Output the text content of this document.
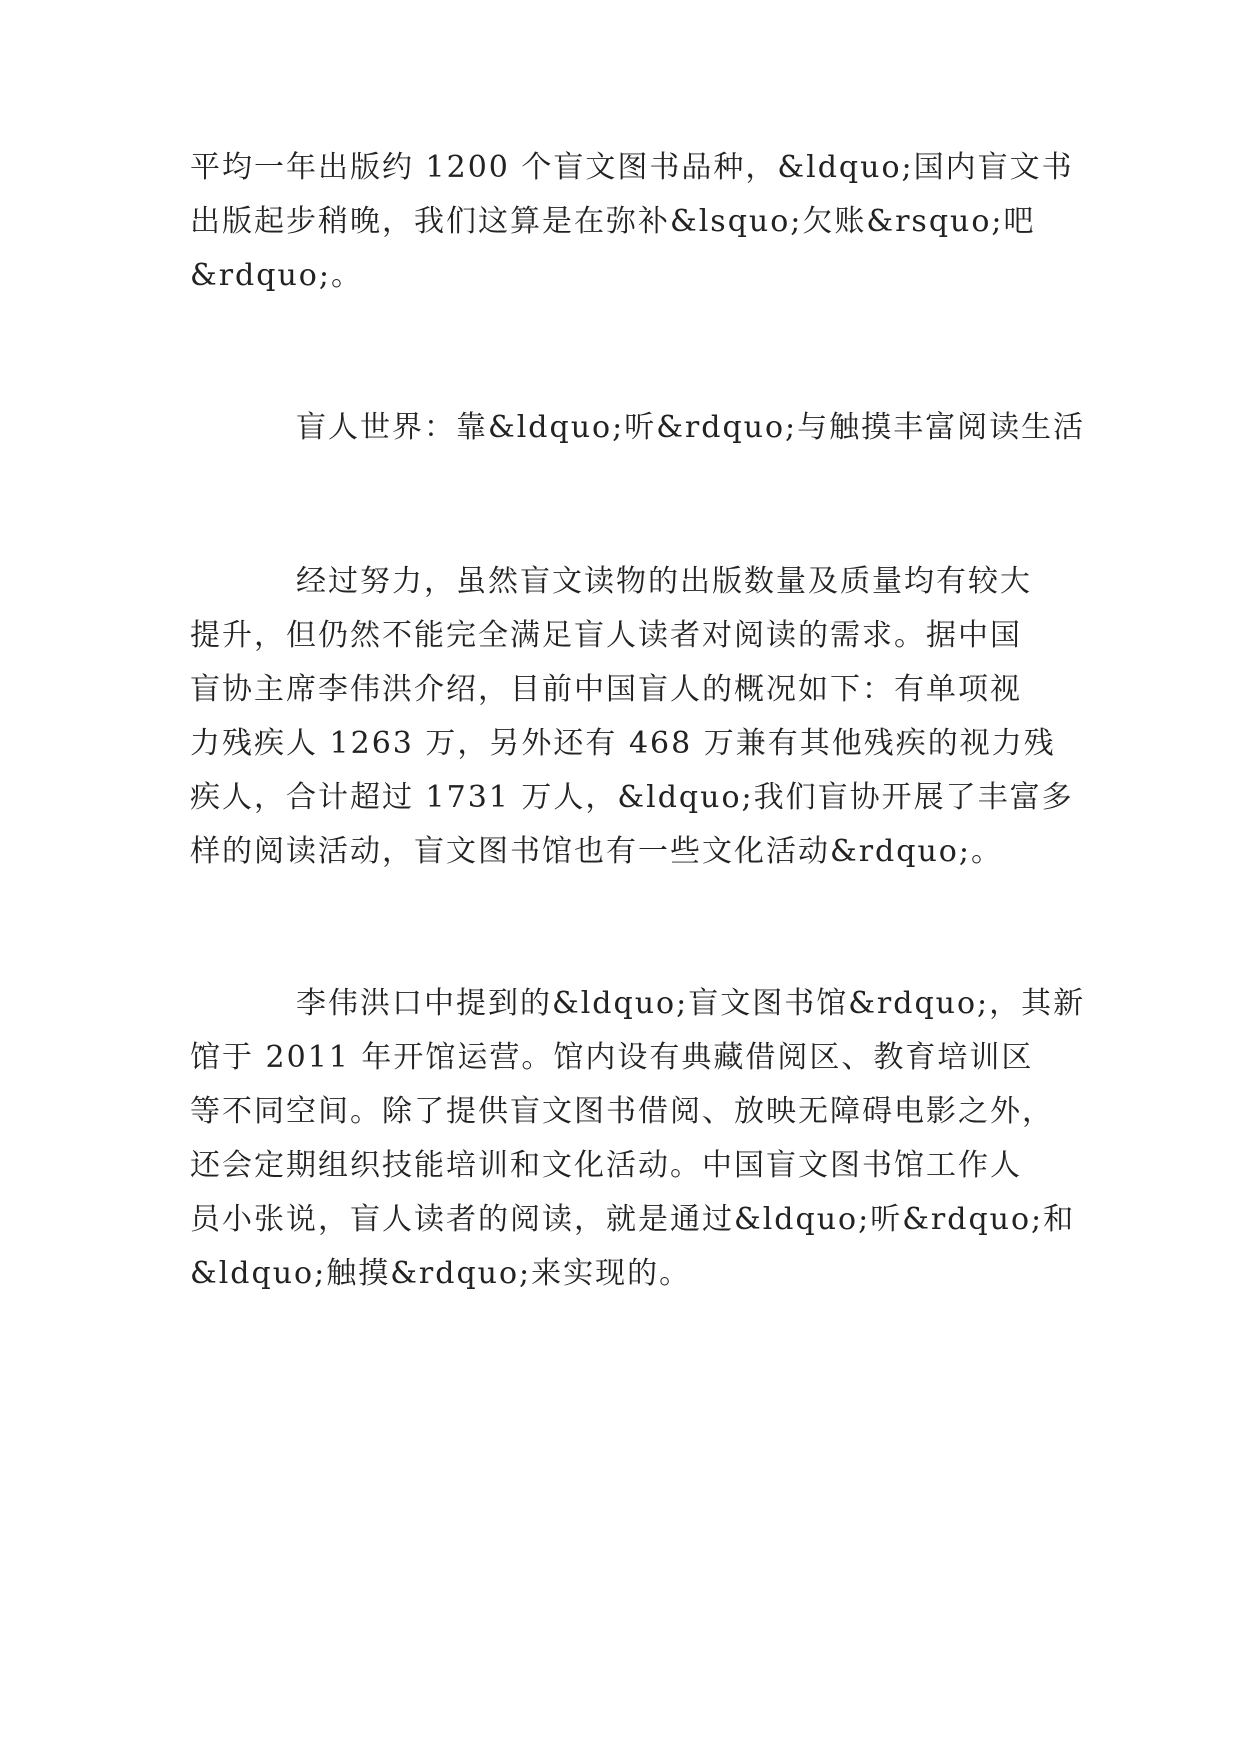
平均一年出版约 1200 个盲文图书品种，&ldquo;国内盲文书
出版起步稍晚，我们这算是在弥补&lsquo;欠账&rsquo;吧
&rdquo;。
盲人世界：靠&ldquo;听&rdquo;与触摸丰富阅读生活
经过努力，虽然盲文读物的出版数量及质量均有较大
提升，但仍然不能完全满足盲人读者对阅读的需求。据中国
盲协主席李伟洪介绍，目前中国盲人的概况如下：有单项视
力残疾人 1263 万，另外还有 468 万兼有其他残疾的视力残
疾人，合计超过 1731 万人，&ldquo;我们盲协开展了丰富多
样的阅读活动，盲文图书馆也有一些文化活动&rdquo;。
李伟洪口中提到的&ldquo;盲文图书馆&rdquo;，其新
馆于 2011 年开馆运营。馆内设有典藏借阅区、教育培训区
等不同空间。除了提供盲文图书借阅、放映无障碍电影之外，
还会定期组织技能培训和文化活动。中国盲文图书馆工作人
员小张说，盲人读者的阅读，就是通过&ldquo;听&rdquo;和
&ldquo;触摸&rdquo;来实现的。
